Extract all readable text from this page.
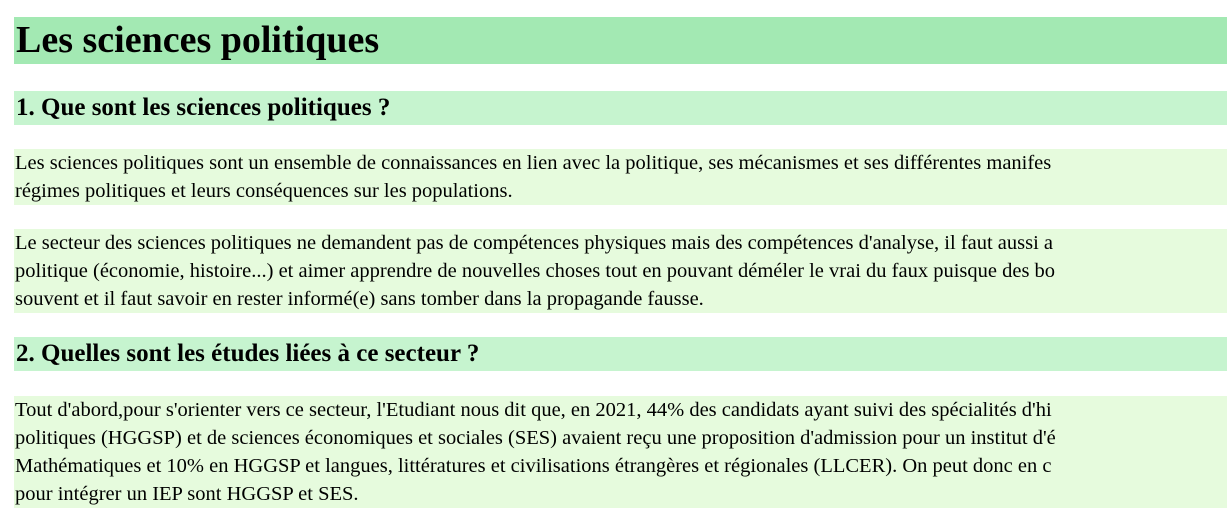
Les sciences politiques
1. Que sont les sciences politiques ?

Les sciences politiques sont un ensemble de connaissances en lien avec la politique, ses mécanismes et ses différentes manifes
régimes politiques et leurs conséquences sur les populations.

Le secteur des sciences politiques ne demandent pas de compétences physiques mais des compétences d'analyse, il faut aussi a
politique (économie, histoire...) et aimer apprendre de nouvelles choses tout en pouvant déméler le vrai du faux puisque des bo
souvent et il faut savoir en rester informé(e) sans tomber dans la propagande fausse.

2. Quelles sont les études liées à ce secteur ?

Tout d'abord,pour s'orienter vers ce secteur, l'Etudiant nous dit que, en 2021, 44% des candidats ayant suivi des spécialités d'hi
politiques (HGGSP) et de sciences économiques et sociales (SES) avaient reçu une proposition d'admission pour un institut d'é
Mathématiques et 10% en HGGSP et langues, littératures et civilisations étrangères et régionales (LLCER). On peut donc en c
pour intégrer un IEP sont HGGSP et SES.
